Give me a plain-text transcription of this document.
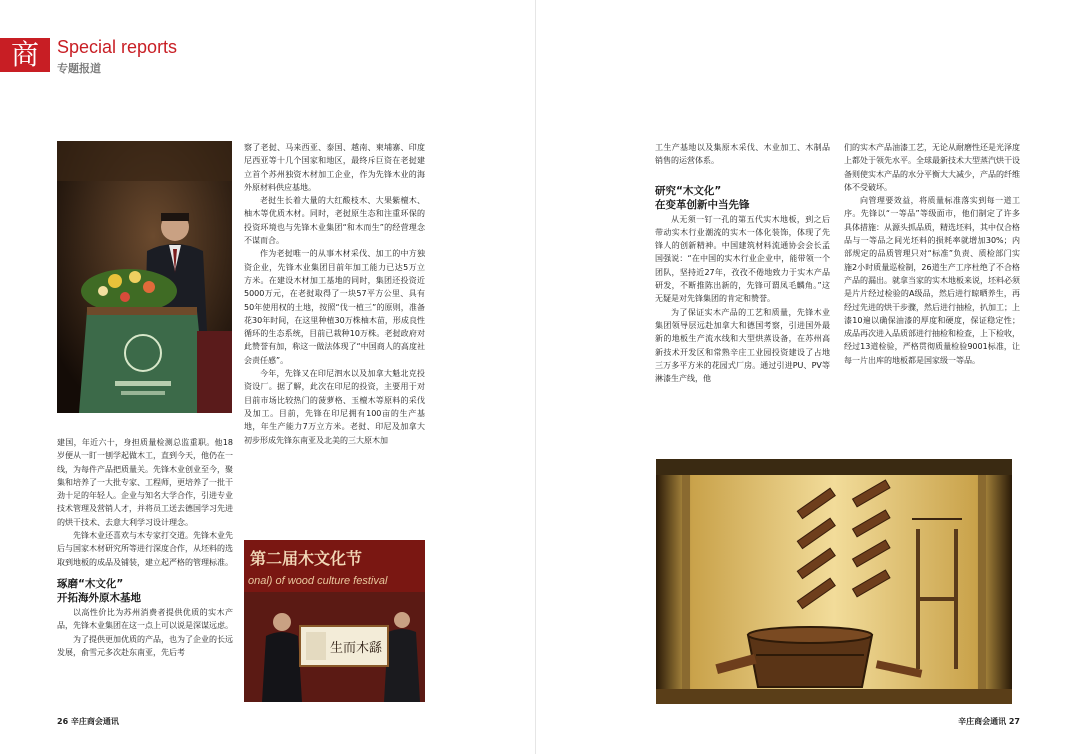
商	Special reports
专题报道

建国，年近六十，身担质量检测总监重职。他18岁便从一盯一刨学起做木工，直到今天，他仍在一线，为每件产品把质量关。先锋木业创业至今，聚集和培养了一大批专家、工程师，更培养了一批干劲十足的年轻人。企业与知名大学合作，引进专业技术管理及营销人才，并将员工送去德国学习先进的烘干技术、去意大利学习设计理念。

先锋木业还喜欢与木专家打交道。先锋木业先后与国家木材研究所等进行深度合作，从坯料的选取到地板的成品及铺装，建立起严格的管理标准。

琢磨“木文化”
开拓海外原木基地

以高性价比为苏州消费者提供优质的实木产品，先锋木业集团在这一点上可以说是深谋远虑。

为了提供更加优质的产品，也为了企业的长远发展，俞雪元多次赴东南亚，先后考

察了老挝、马来西亚、泰国、越南、柬埔寨、印度尼西亚等十几个国家和地区，最终斥巨资在老挝建立首个苏州独资木材加工企业，作为先锋木业的海外原材料供应基地。

老挝生长着大量的大红酸枝木、大果紫檀木、柚木等优质木材。同时，老挝原生态和注重环保的投资环境也与先锋木业集团“和木而生”的经营理念不谋而合。

作为老挝唯一的从事木材采伐、加工的中方独资企业，先锋木业集团目前年加工能力已达5万立方米。在建设木材加工基地的同时，集团还投资近5000万元，在老挝取得了一块57平方公里、具有50年使用权的土地，按照“伐一植三”的原则，准备花30年时间，在这里种植30万株柚木苗，形成良性循环的生态系统，目前已栽种10万株。老挝政府对此赞誉有加，称这一做法体现了“中国商人的高度社会责任感”。

今年，先锋又在印尼泗水以及加拿大魁北克投资设厂。据了解，此次在印尼的投资，主要用于对目前市场比较热门的菠萝格、玉檀木等原料的采伐及加工。目前，先锋在印尼拥有100亩的生产基地，年生产能力7万立方米。老挝、印尼及加拿大初步形成先锋东南亚及北美的三大原木加

第二届木文化节
onal) of wood culture festival
生而木繇

工生产基地以及集原木采伐、木业加工、木制品销售的运营体系。

研究“木文化”
在变革创新中当先锋

从无须一钉一孔的第五代实木地板，到之后带动实木行业潮流的实木一体化装饰，体现了先锋人的创新精神。中国建筑材料流通协会会长孟国强说：“在中国的实木行业企业中，能带领一个团队，坚持近27年，孜孜不倦地致力于实木产品研发，不断推陈出新的，先锋可谓凤毛麟角。”这无疑是对先锋集团的肯定和赞誉。

为了保证实木产品的工艺和质量，先锋木业集团领导层远赴加拿大和德国考察，引进国外最新的地板生产流水线和大型烘蒸设备，在苏州高新技术开发区和常熟辛庄工业园投资建设了占地三万多平方米的花园式厂房。通过引进PU、PV等淋漆生产线，他

们的实木产品油漆工艺，无论从耐磨性还是光泽度上都处于领先水平。全球最新技术大型蒸汽烘干设备则使实木产品的水分平衡大大减少，产品的纤维体不受破坏。

向管理要效益，将质量标准落实到每一道工序。先锋以“一等品”等级面市，他们制定了许多具体措施：从源头抓品质，精选坯料，其中仅合格品与一等品之间光坯料的损耗率就增加30%；内部规定的品质管理只对“标准”负责、质检部门实施2小时质量巡检制，26道生产工序杜绝了不合格产品的漏出。就拿当家的实木地板来说，坯料必须是片片经过检验的A级品，然后进行晾晒养生，再经过先进的烘干步骤，然后进行抽检，扒加工；上漆10遍以确保油漆的厚度和硬度，保证稳定性；成品再次进入品质部进行抽检和检查，上下检收，经过13道检验，严格贯彻质量检验9001标准，让每一片出库的地板都是国家级一等品。

26 辛庄商会通讯	辛庄商会通讯 27
